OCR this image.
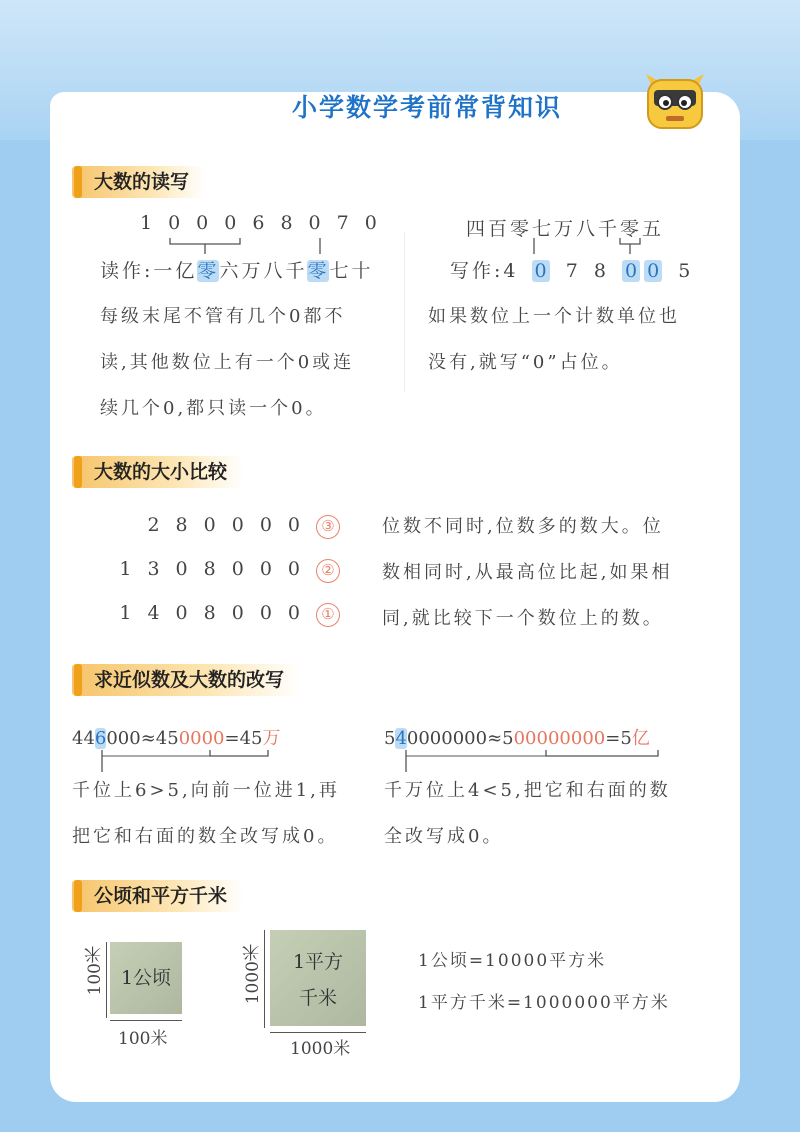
小学数学考前常背知识
大数的读写
100068070
读作:一亿零六万八千零七十
每级末尾不管有几个0都不
读,其他数位上有一个0或连
续几个0,都只读一个0。
四百零七万八千零五
写作:4 0 7 8 0 0 5
如果数位上一个计数单位也
没有,就写“0”占位。
大数的大小比较
280000 ③
1308000 ②
1408000 ①
位数不同时,位数多的数大。位
数相同时,从最高位比起,如果相
同,就比较下一个数位上的数。
求近似数及大数的改写
446000≈450000=45万
千位上6>5,向前一位进1,再
把它和右面的数全改写成0。
540000000≈500000000=5亿
千万位上4<5,把它和右面的数
全改写成0。
公顷和平方千米
100米 1公顷
100米
1000米	1平方
千米
1000米
1公顷=10000平方米
1平方千米=1000000平方米
